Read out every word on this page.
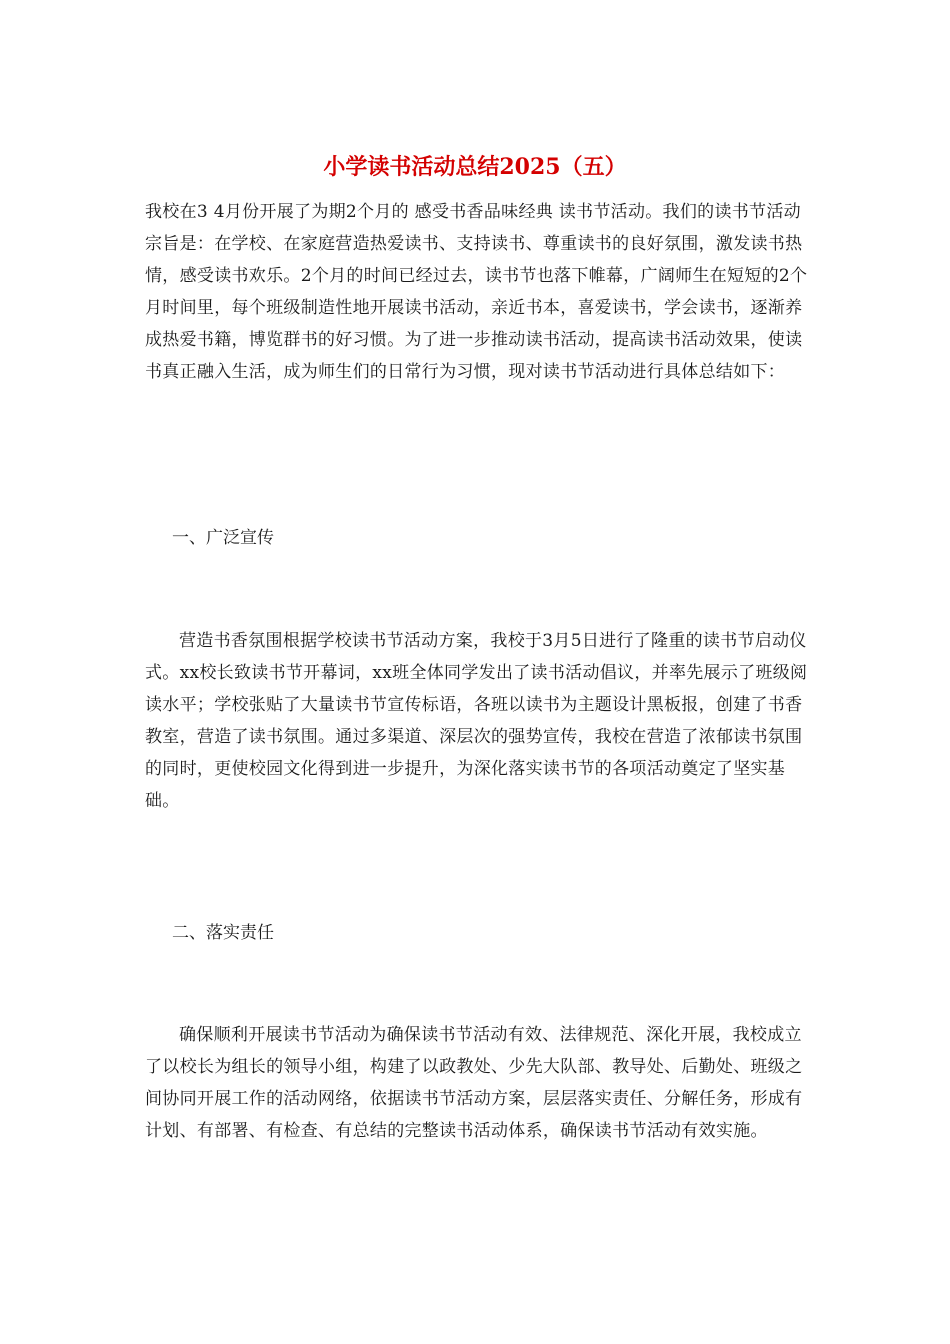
小学读书活动总结2025（五）

我校在3 4月份开展了为期2个月的 感受书香品味经典 读书节活动。我们的读书节活动宗旨是：在学校、在家庭营造热爱读书、支持读书、尊重读书的良好氛围，激发读书热情，感受读书欢乐。2个月的时间已经过去，读书节也落下帷幕，广阔师生在短短的2个月时间里，每个班级制造性地开展读书活动，亲近书本，喜爱读书，学会读书，逐渐养成热爱书籍，博览群书的好习惯。为了进一步推动读书活动，提高读书活动效果，使读书真正融入生活，成为师生们的日常行为习惯，现对读书节活动进行具体总结如下：

一、广泛宣传

营造书香氛围根据学校读书节活动方案，我校于3月5日进行了隆重的读书节启动仪式。xx校长致读书节开幕词，xx班全体同学发出了读书活动倡议，并率先展示了班级阅读水平；学校张贴了大量读书节宣传标语，各班以读书为主题设计黑板报，创建了书香教室，营造了读书氛围。通过多渠道、深层次的强势宣传，我校在营造了浓郁读书氛围的同时，更使校园文化得到进一步提升，为深化落实读书节的各项活动奠定了坚实基础。

二、落实责任

确保顺利开展读书节活动为确保读书节活动有效、法律规范、深化开展，我校成立了以校长为组长的领导小组，构建了以政教处、少先大队部、教导处、后勤处、班级之间协同开展工作的活动网络，依据读书节活动方案，层层落实责任、分解任务，形成有计划、有部署、有检查、有总结的完整读书活动体系，确保读书节活动有效实施。
